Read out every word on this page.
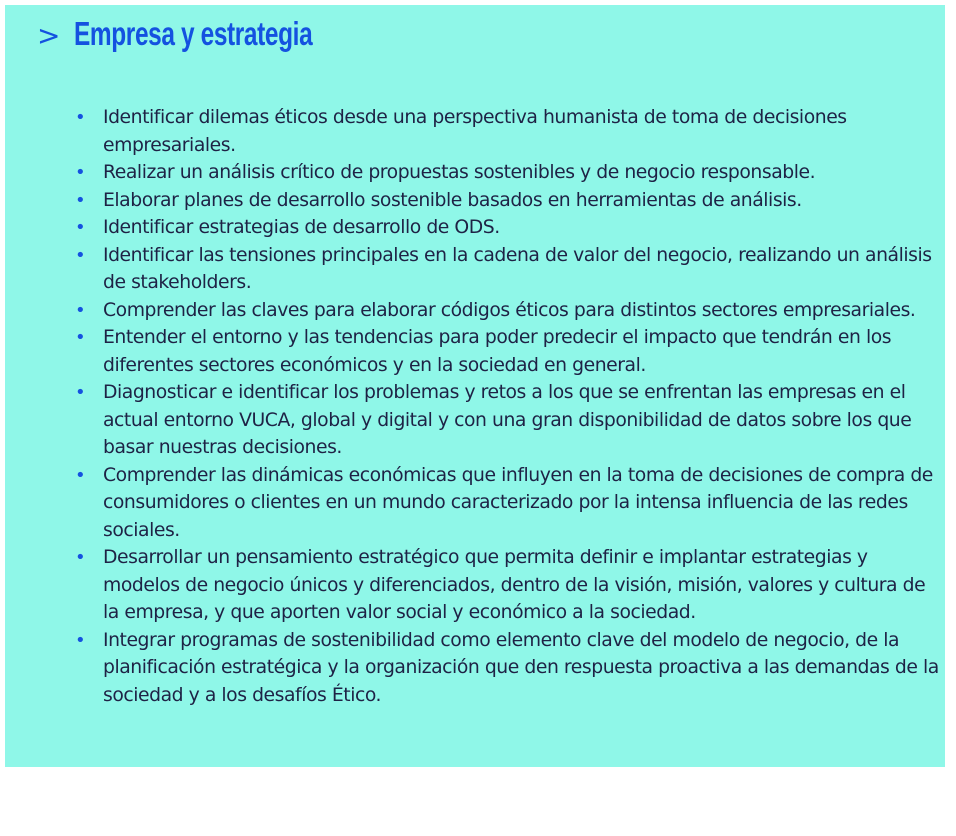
> Empresa y estrategia
• Identificar dilemas éticos desde una perspectiva humanista de toma de decisiones empresariales.
• Realizar un análisis crítico de propuestas sostenibles y de negocio responsable.
• Elaborar planes de desarrollo sostenible basados en herramientas de análisis.
• Identificar estrategias de desarrollo de ODS.
• Identificar las tensiones principales en la cadena de valor del negocio, realizando un análisis de stakeholders.
• Comprender las claves para elaborar códigos éticos para distintos sectores empresariales.
• Entender el entorno y las tendencias para poder predecir el impacto que tendrán en los diferentes sectores económicos y en la sociedad en general.
• Diagnosticar e identificar los problemas y retos a los que se enfrentan las empresas en el actual entorno VUCA, global y digital y con una gran disponibilidad de datos sobre los que basar nuestras decisiones.
• Comprender las dinámicas económicas que influyen en la toma de decisiones de compra de consumidores o clientes en un mundo caracterizado por la intensa influencia de las redes sociales.
• Desarrollar un pensamiento estratégico que permita definir e implantar estrategias y modelos de negocio únicos y diferenciados, dentro de la visión, misión, valores y cultura de la empresa, y que aporten valor social y económico a la sociedad.
• Integrar programas de sostenibilidad como elemento clave del modelo de negocio, de la planificación estratégica y la organización que den respuesta proactiva a las demandas de la sociedad y a los desafíos Ético.
